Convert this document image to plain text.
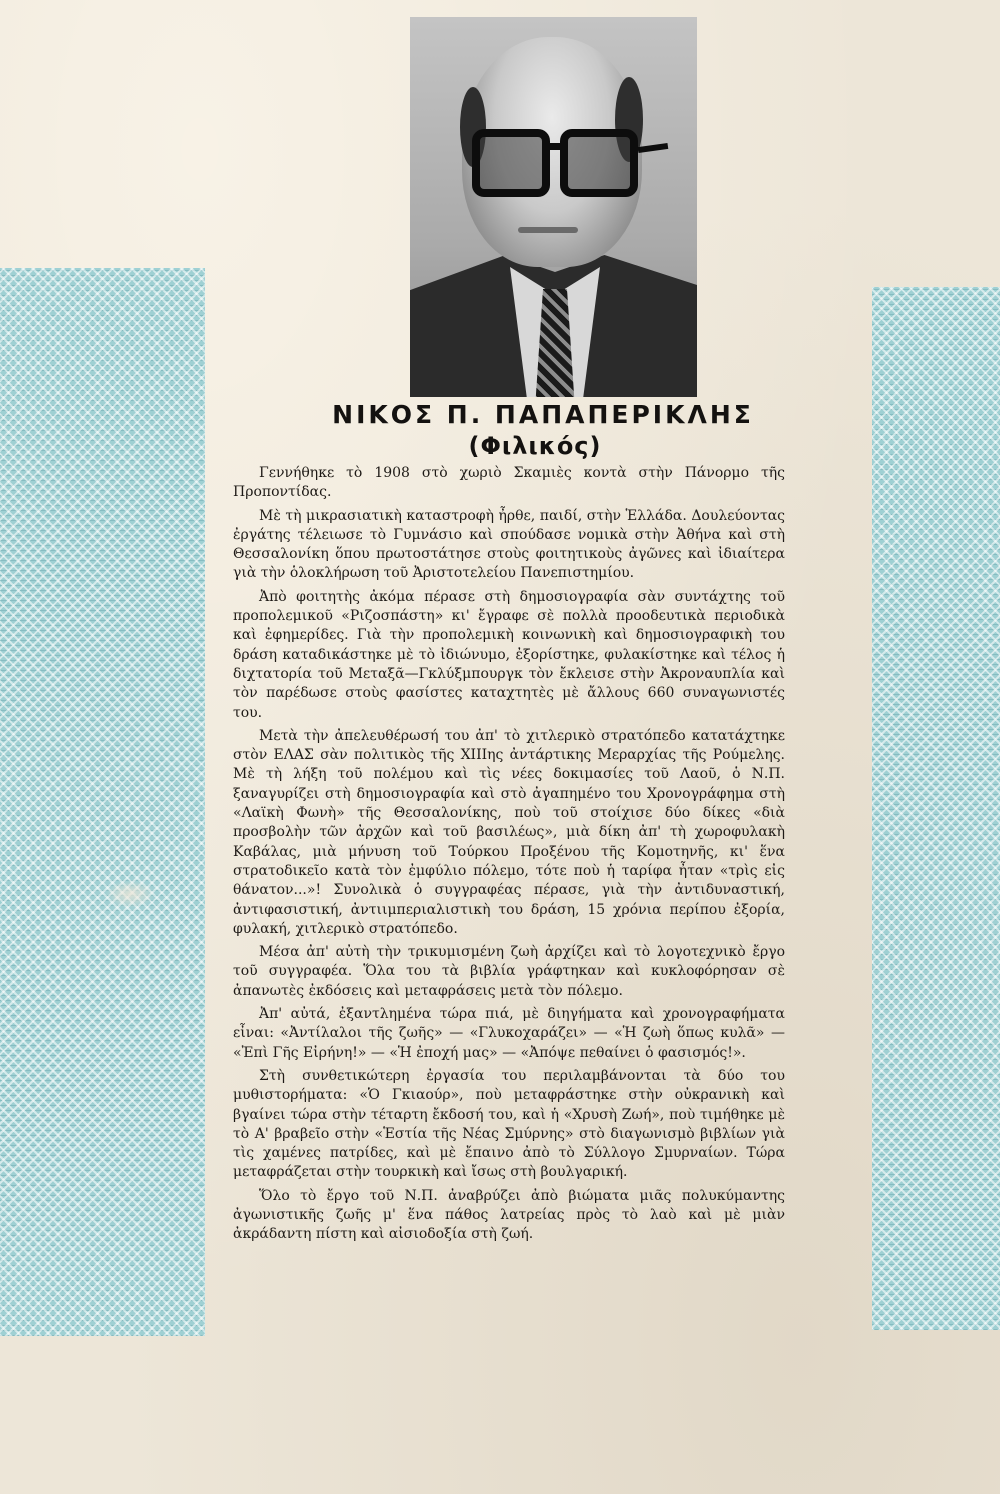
ΝΙΚΟΣ Π. ΠΑΠΑΠΕΡΙΚΛΗΣ
(Φιλικός)

Γεννήθηκε τὸ 1908 στὸ χωριὸ Σκαμιὲς κοντὰ στὴν Πάνορμο τῆς Προποντίδας.

Μὲ τὴ μικρασιατικὴ καταστροφὴ ἦρθε, παιδί, στὴν Ἑλλάδα. Δουλεύοντας ἐργάτης τέλειωσε τὸ Γυμνάσιο καὶ σπούδασε νομικὰ στὴν Ἀθήνα καὶ στὴ Θεσσαλονίκη ὅπου πρωτοστάτησε στοὺς φοιτητικοὺς ἀγῶνες καὶ ἰδιαίτερα γιὰ τὴν ὁλοκλήρωση τοῦ Ἀριστοτελείου Πανεπιστημίου.

Ἀπὸ φοιτητὴς ἀκόμα πέρασε στὴ δημοσιογραφία σὰν συντάχτης τοῦ προπολεμικοῦ «Ριζοσπάστη» κι' ἔγραφε σὲ πολλὰ προοδευτικὰ περιοδικὰ καὶ ἐφημερίδες. Γιὰ τὴν προπολεμικὴ κοινωνικὴ καὶ δημοσιογραφικὴ του δράση καταδικάστηκε μὲ τὸ ἰδιώνυμο, ἐξορίστηκε, φυλακίστηκε καὶ τέλος ἡ διχτατορία τοῦ Μεταξᾶ—Γκλύξμπουργκ τὸν ἔκλεισε στὴν Ἀκροναυπλία καὶ τὸν παρέδωσε στοὺς φασίστες καταχτητὲς μὲ ἄλλους 660 συναγωνιστές του.

Μετὰ τὴν ἀπελευθέρωσή του ἀπ' τὸ χιτλερικὸ στρατόπεδο κατατάχτηκε στὸν ΕΛΑΣ σὰν πολιτικὸς τῆς XIIIης ἀντάρτικης Μεραρχίας τῆς Ρούμελης. Μὲ τὴ λήξη τοῦ πολέμου καὶ τὶς νέες δοκιμασίες τοῦ Λαοῦ, ὁ Ν.Π. ξαναγυρίζει στὴ δημοσιογραφία καὶ στὸ ἀγαπημένο του Χρονογράφημα στὴ «Λαϊκὴ Φωνὴ» τῆς Θεσσαλονίκης, ποὺ τοῦ στοίχισε δύο δίκες «διὰ προσβολὴν τῶν ἀρχῶν καὶ τοῦ βασιλέως», μιὰ δίκη ἀπ' τὴ χωροφυλακὴ Καβάλας, μιὰ μήνυση τοῦ Τούρκου Προξένου τῆς Κομοτηνῆς, κι' ἕνα στρατοδικεῖο κατὰ τὸν ἐμφύλιο πόλεμο, τότε ποὺ ἡ ταρίφα ἦταν «τρὶς εἰς θάνατον...»! Συνολικὰ ὁ συγγραφέας πέρασε, γιὰ τὴν ἀντιδυναστική, ἀντιφασιστική, ἀντιιμπεριαλιστικὴ του δράση, 15 χρόνια περίπου ἐξορία, φυλακή, χιτλερικὸ στρατόπεδο.

Μέσα ἀπ' αὐτὴ τὴν τρικυμισμένη ζωὴ ἀρχίζει καὶ τὸ λογοτεχνικὸ ἔργο τοῦ συγγραφέα. Ὅλα του τὰ βιβλία γράφτηκαν καὶ κυκλοφόρησαν σὲ ἀπανωτὲς ἐκδόσεις καὶ μεταφράσεις μετὰ τὸν πόλεμο.

Ἀπ' αὐτά, ἐξαντλημένα τώρα πιά, μὲ διηγήματα καὶ χρονογραφήματα εἶναι: «Ἀντίλαλοι τῆς ζωῆς» — «Γλυκοχαράζει» — «Ἡ ζωὴ ὅπως κυλᾶ» — «Ἐπὶ Γῆς Εἰρήνη!» — «Ἡ ἐποχή μας» — «Ἀπόψε πεθαίνει ὁ φασισμός!».

Στὴ συνθετικώτερη ἐργασία του περιλαμβάνονται τὰ δύο του μυθιστορήματα: «Ὁ Γκιαούρ», ποὺ μεταφράστηκε στὴν οὐκρανικὴ καὶ βγαίνει τώρα στὴν τέταρτη ἔκδοσή του, καὶ ἡ «Χρυσὴ Ζωή», ποὺ τιμήθηκε μὲ τὸ Α' βραβεῖο στὴν «Ἑστία τῆς Νέας Σμύρνης» στὸ διαγωνισμὸ βιβλίων γιὰ τὶς χαμένες πατρίδες, καὶ μὲ ἔπαινο ἀπὸ τὸ Σύλλογο Σμυρναίων. Τώρα μεταφράζεται στὴν τουρκικὴ καὶ ἴσως στὴ βουλγαρική.

Ὅλο τὸ ἔργο τοῦ Ν.Π. ἀναβρύζει ἀπὸ βιώματα μιᾶς πολυκύμαντης ἀγωνιστικῆς ζωῆς μ' ἕνα πάθος λατρείας πρὸς τὸ λαὸ καὶ μὲ μιὰν ἀκράδαντη πίστη καὶ αἰσιοδοξία στὴ ζωή.
